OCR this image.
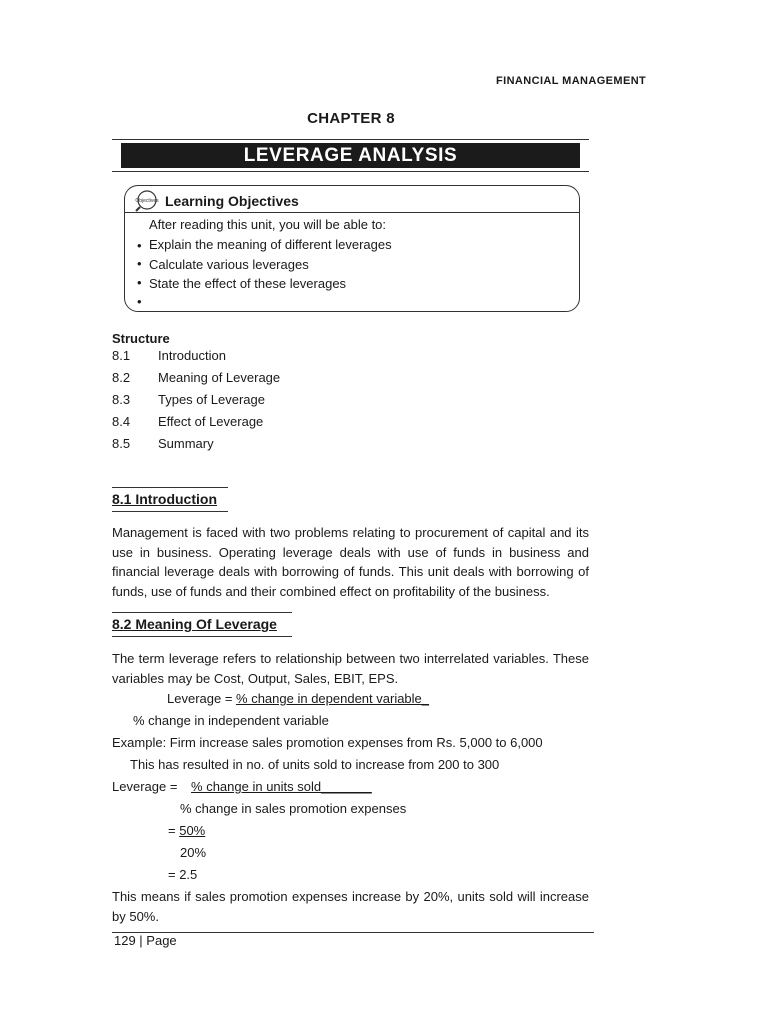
FINANCIAL MANAGEMENT
CHAPTER 8
LEVERAGE ANALYSIS
Objectives Learning Objectives
After reading this unit, you will be able to:
• Explain the meaning of different leverages
• Calculate various leverages
• State the effect of these leverages
•
Structure
8.1 Introduction
8.2 Meaning of Leverage
8.3 Types of Leverage
8.4 Effect of Leverage
8.5 Summary
8.1 Introduction
Management is faced with two problems relating to procurement of capital and its use in business. Operating leverage deals with use of funds in business and financial leverage deals with borrowing of funds. This unit deals with borrowing of funds, use of funds and their combined effect on profitability of the business.
8.2 Meaning Of Leverage
The term leverage refers to relationship between two interrelated variables. These variables may be Cost, Output, Sales, EBIT, EPS.
Leverage = % change in dependent variable_
% change in independent variable
Example: Firm increase sales promotion expenses from Rs. 5,000 to 6,000
This has resulted in no. of units sold to increase from 200 to 300
Leverage = % change in units sold_______
% change in sales promotion expenses
= 50%
20%
= 2.5
This means if sales promotion expenses increase by 20%, units sold will increase by 50%.
129 | Page
